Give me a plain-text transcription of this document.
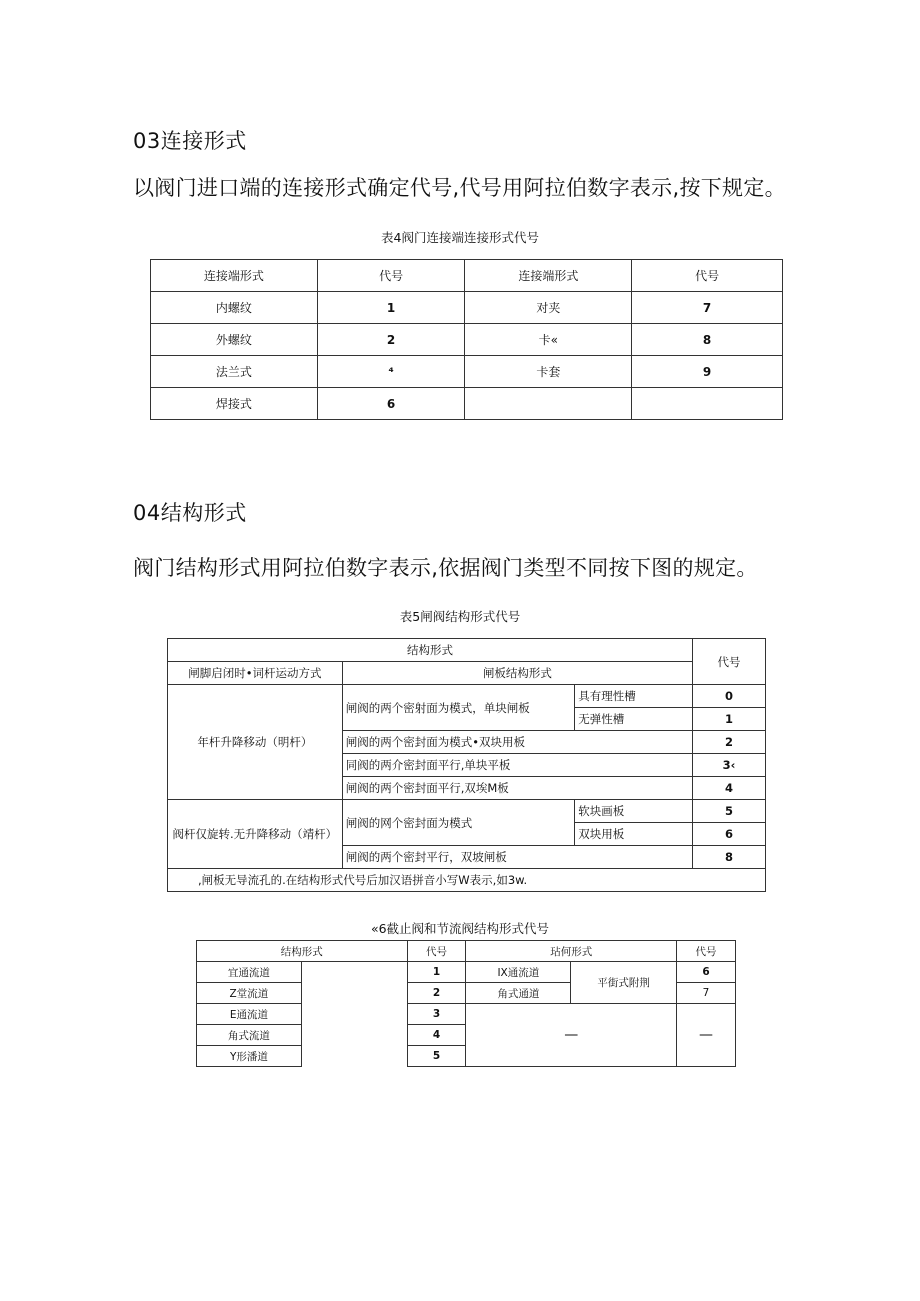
03连接形式
以阀门进口端的连接形式确定代号,代号用阿拉伯数字表示,按下规定。
表4阀门连接端连接形式代号
连接端形式	代号	连接端形式	代号
内螺纹	1	对夹	7
外螺纹	2	卡«	8
法兰式	⁴	卡套	9
焊接式	6		
04结构形式
阀门结构形式用阿拉伯数字表示,依据阀门类型不同按下图的规定。
表5闸阀结构形式代号
结构形式			代号
闸脚启闭时•词杆运动方式	闸板结构形式		
年杆升降移动（明杆）	闸阀的两个密射面为模式，单块闸板	具有理性槽	0
		无弹性槽	1
	闸阀的两个密封面为模式•双块用板		2
	同阀的两介密封面平行,单块平板		3‹
	闸阀的两个密封面平行,双埃M板		4
阀杆仅旋转.无升降移动（靖杆）	闸阀的网个密封面为模式	软块画板	5
		双块用板	6
	闸阀的两个密封平行，双坡闸板		8
,闸板无导流孔的.在结构形式代号后加汉语拼音小写W表示,如3w.			
«6截止阀和节流阀结构形式代号
结构形式		代号	玷何形式		代号
宜通流道		1	IX通流道	平街式附荆	6
Z堂流道		2	角式通道		7
E通流道		3	—		—
角式流道		4			
Y形潘道		5			
